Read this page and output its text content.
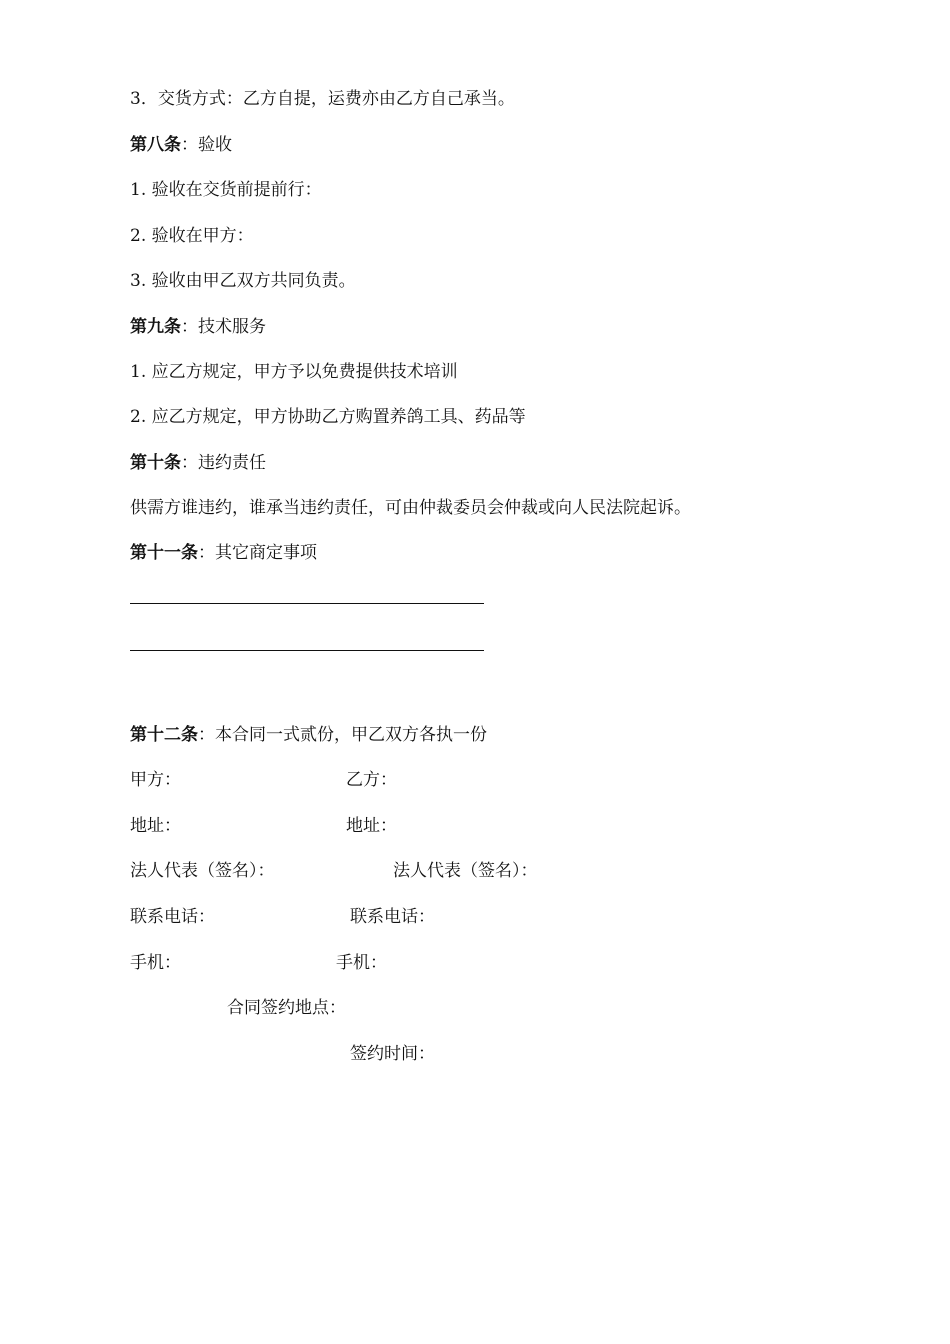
3．交货方式：乙方自提，运费亦由乙方自己承当。
第八条：验收
1. 验收在交货前提前行：
2. 验收在甲方：
3. 验收由甲乙双方共同负责。
第九条：技术服务
1. 应乙方规定，甲方予以免费提供技术培训
2. 应乙方规定，甲方协助乙方购置养鸽工具、药品等
第十条：违约责任
供需方谁违约，谁承当违约责任，可由仲裁委员会仲裁或向人民法院起诉。
第十一条：其它商定事项
第十二条：本合同一式贰份，甲乙双方各执一份
甲方：	乙方：
地址：	地址：
法人代表（签名）：	法人代表（签名）：
联系电话：	联系电话：
手机：	手机：
合同签约地点：
签约时间：
